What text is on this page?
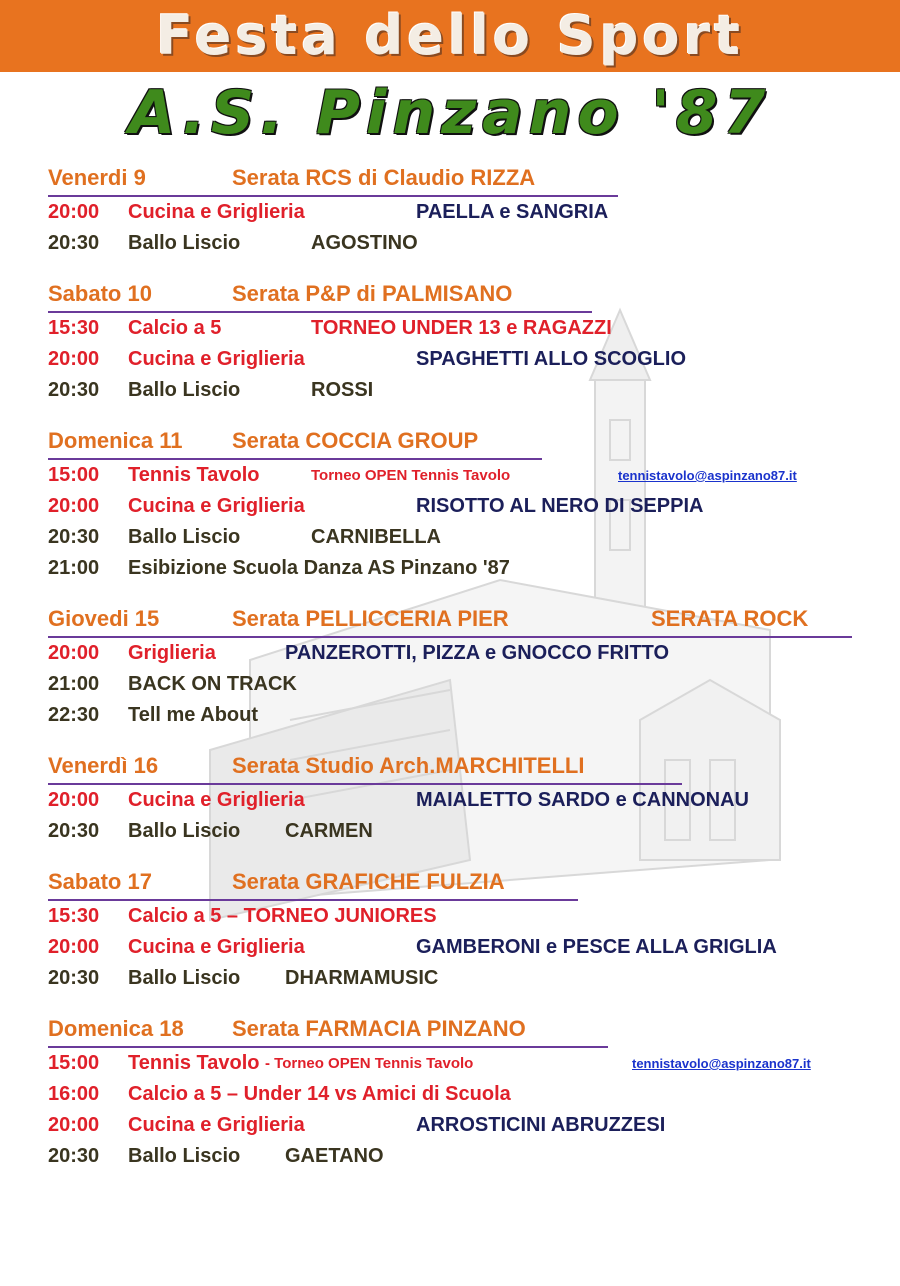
Festa dello Sport
A.S. Pinzano '87
Venerdi 9	Serata RCS di Claudio RIZZA
20:00 Cucina e Griglieria	PAELLA e SANGRIA
20:30 Ballo Liscio	AGOSTINO
Sabato 10	Serata P&P di PALMISANO
15:30 Calcio a 5	TORNEO UNDER 13 e RAGAZZI
20:00 Cucina e Griglieria	SPAGHETTI ALLO SCOGLIO
20:30 Ballo Liscio	ROSSI
Domenica 11 Serata COCCIA GROUP
15:00 Tennis Tavolo	Torneo OPEN Tennis Tavolo	tennistavolo@aspinzano87.it
20:00 Cucina e Griglieria	RISOTTO AL NERO DI SEPPIA
20:30 Ballo Liscio	CARNIBELLA
21:00 Esibizione Scuola Danza AS Pinzano '87
Giovedi 15	Serata PELLICCERIA PIER	SERATA ROCK
20:00 Griglieria	PANZEROTTI, PIZZA e GNOCCO FRITTO
21:00 BACK ON TRACK
22:30 Tell me About
Venerdì 16	Serata Studio Arch.MARCHITELLI
20:00 Cucina e Griglieria	MAIALETTO SARDO e CANNONAU
20:30 Ballo Liscio CARMEN
Sabato 17	Serata GRAFICHE FULZIA
15:30 Calcio a 5 – TORNEO JUNIORES
20:00 Cucina e Griglieria	GAMBERONI e PESCE ALLA GRIGLIA
20:30 Ballo Liscio DHARMAMUSIC
Domenica 18 Serata FARMACIA PINZANO
15:00 Tennis Tavolo - Torneo OPEN Tennis Tavolo	tennistavolo@aspinzano87.it
16:00 Calcio a 5 – Under 14 vs Amici di Scuola
20:00 Cucina e Griglieria	ARROSTICINI ABRUZZESI
20:30 Ballo Liscio GAETANO
